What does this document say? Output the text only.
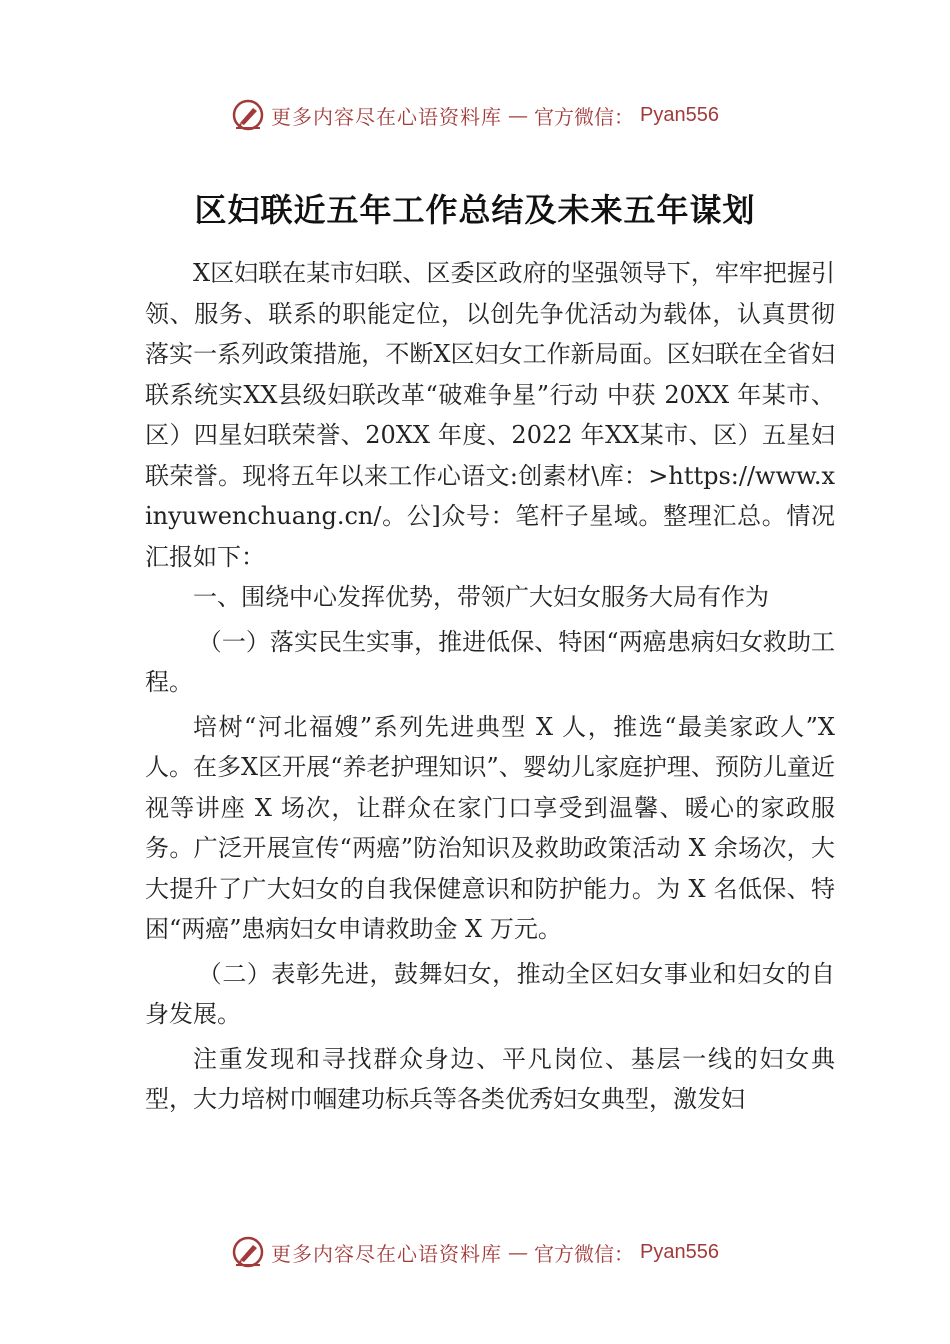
更多内容尽在心语资料库 — 官方微信： Pyan556
区妇联近五年工作总结及未来五年谋划

X区妇联在某市妇联、区委区政府的坚强领导下，牢牢把握引领、服务、联系的职能定位，以创先争优活动为载体，认真贯彻落实一系列政策措施，不断X区妇女工作新局面。区妇联在全省妇联系统实XX县级妇联改革“破难争星”行动 中获 20XX 年某市、区）四星妇联荣誉、20XX 年度、2022 年XX某市、区）五星妇联荣誉。现将五年以来工作心语文:创素材\库：>https://www.xinyuwenchuang.cn/。公]众号：笔杆子星域。整理汇总。情况汇报如下：

一、围绕中心发挥优势，带领广大妇女服务大局有作为

（一）落实民生实事，推进低保、特困“两癌患病妇女救助工程。

培树“河北福嫂”系列先进典型 X 人，推选“最美家政人”X 人。在多X区开展“养老护理知识”、婴幼儿家庭护理、预防儿童近视等讲座 X 场次，让群众在家门口享受到温馨、暖心的家政服务。广泛开展宣传“两癌”防治知识及救助政策活动 X 余场次，大大提升了广大妇女的自我保健意识和防护能力。为 X 名低保、特困“两癌”患病妇女申请救助金 X 万元。

（二）表彰先进，鼓舞妇女，推动全区妇女事业和妇女的自身发展。

注重发现和寻找群众身边、平凡岗位、基层一线的妇女典型，大力培树巾帼建功标兵等各类优秀妇女典型，激发妇

更多内容尽在心语资料库 — 官方微信： Pyan556
